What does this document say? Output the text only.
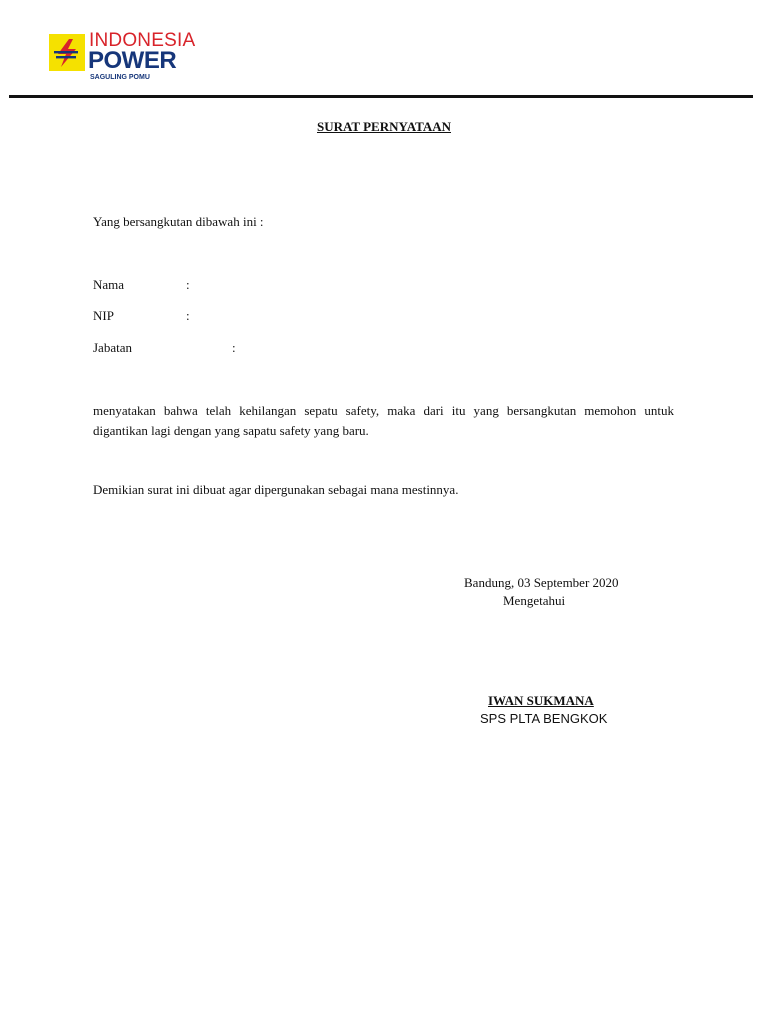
INDONESIA
POWER
SAGULING POMU
SURAT PERNYATAAN
Yang bersangkutan dibawah ini :
Nama	:
NIP	:
Jabatan	:
menyatakan bahwa telah kehilangan sepatu safety, maka dari itu yang bersangkutan memohon untuk digantikan lagi dengan yang sapatu safety yang baru.
Demikian surat ini dibuat agar dipergunakan sebagai mana mestinnya.
Bandung, 03 September 2020
Mengetahui
IWAN SUKMANA
SPS PLTA BENGKOK
